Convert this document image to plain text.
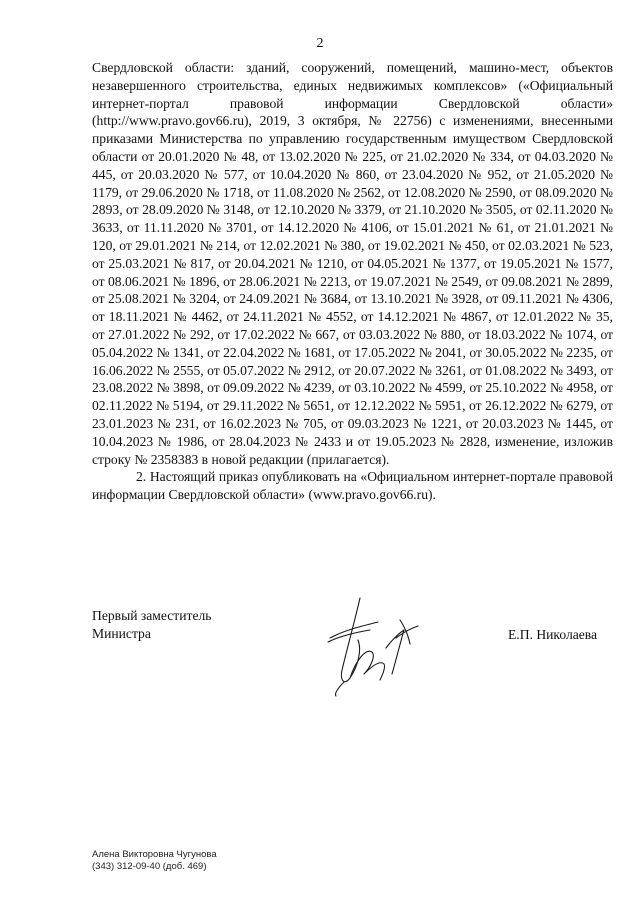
2

Свердловской области: зданий, сооружений, помещений, машино-мест, объектов незавершенного строительства, единых недвижимых комплексов» («Официальный интернет-портал правовой информации Свердловской области» (http://www.pravo.gov66.ru), 2019, 3 октября, № 22756) с изменениями, внесенными приказами Министерства по управлению государственным имуществом Свердловской области от 20.01.2020 № 48, от 13.02.2020 № 225, от 21.02.2020 № 334, от 04.03.2020 № 445, от 20.03.2020 № 577, от 10.04.2020 № 860, от 23.04.2020 № 952, от 21.05.2020 № 1179, от 29.06.2020 № 1718, от 11.08.2020 № 2562, от 12.08.2020 № 2590, от 08.09.2020 № 2893, от 28.09.2020 № 3148, от 12.10.2020 № 3379, от 21.10.2020 № 3505, от 02.11.2020 № 3633, от 11.11.2020 № 3701, от 14.12.2020 № 4106, от 15.01.2021 № 61, от 21.01.2021 № 120, от 29.01.2021 № 214, от 12.02.2021 № 380, от 19.02.2021 № 450, от 02.03.2021 № 523, от 25.03.2021 № 817, от 20.04.2021 № 1210, от 04.05.2021 № 1377, от 19.05.2021 № 1577, от 08.06.2021 № 1896, от 28.06.2021 № 2213, от 19.07.2021 № 2549, от 09.08.2021 № 2899, от 25.08.2021 № 3204, от 24.09.2021 № 3684, от 13.10.2021 № 3928, от 09.11.2021 № 4306, от 18.11.2021 № 4462, от 24.11.2021 № 4552, от 14.12.2021 № 4867, от 12.01.2022 № 35, от 27.01.2022 № 292, от 17.02.2022 № 667, от 03.03.2022 № 880, от 18.03.2022 № 1074, от 05.04.2022 № 1341, от 22.04.2022 № 1681, от 17.05.2022 № 2041, от 30.05.2022 № 2235, от 16.06.2022 № 2555, от 05.07.2022 № 2912, от 20.07.2022 № 3261, от 01.08.2022 № 3493, от 23.08.2022 № 3898, от 09.09.2022 № 4239, от 03.10.2022 № 4599, от 25.10.2022 № 4958, от 02.11.2022 № 5194, от 29.11.2022 № 5651, от 12.12.2022 № 5951, от 26.12.2022 № 6279, от 23.01.2023 № 231, от 16.02.2023 № 705, от 09.03.2023 № 1221, от 20.03.2023 № 1445, от 10.04.2023 № 1986, от 28.04.2023 № 2433 и от 19.05.2023 № 2828, изменение, изложив строку № 2358383 в новой редакции (прилагается).

2. Настоящий приказ опубликовать на «Официальном интернет-портале правовой информации Свердловской области» (www.pravo.gov66.ru).

Первый заместитель
Министра	Е.П. Николаева
Алена Викторовна Чугунова
(343) 312-09-40 (доб. 469)
